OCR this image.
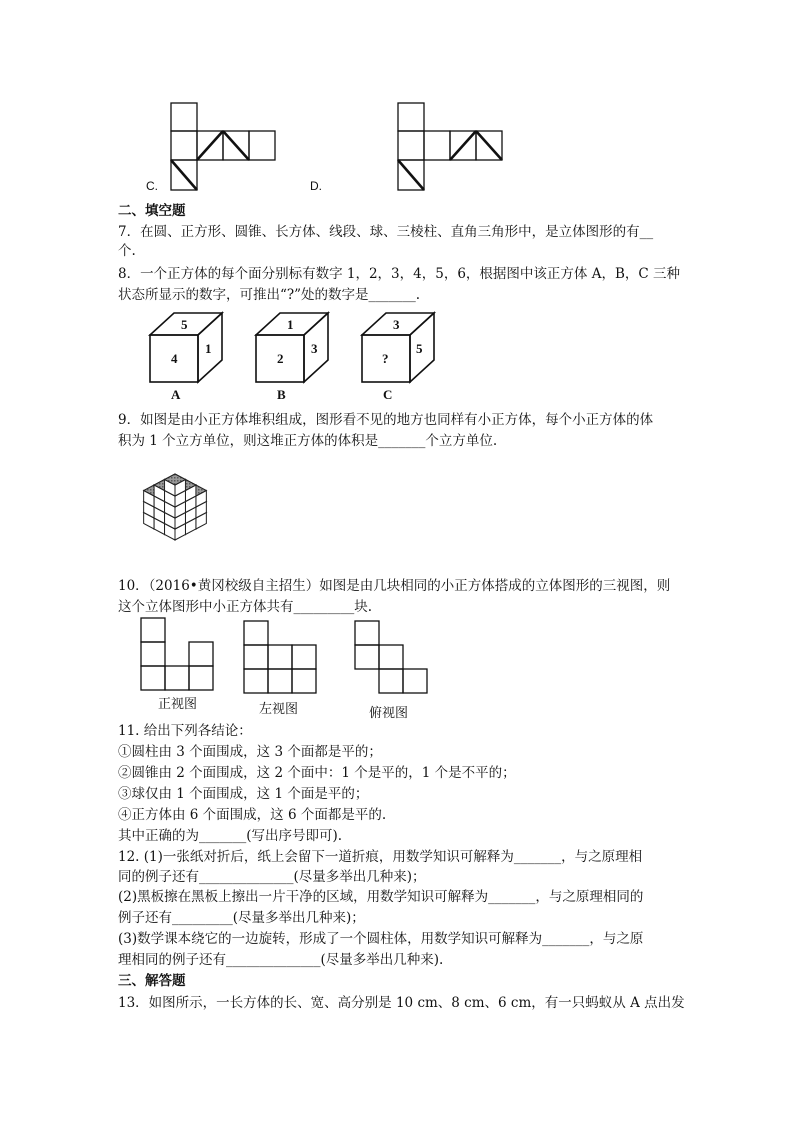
C.	D.
二、填空题
7．在圆、正方形、圆锥、长方体、线段、球、三棱柱、直角三角形中，是立体图形的有__
个.
8．一个正方体的每个面分别标有数字 1，2，3，4，5，6，根据图中该正方体 A，B，C 三种
状态所显示的数字，可推出“?”处的数字是_______.
5
4
1
A
1
2
3
B
3
?
5
C
9．如图是由小正方体堆积组成，图形看不见的地方也同样有小正方体，每个小正方体的体
积为 1 个立方单位，则这堆正方体的体积是_______个立方单位.
10．（2016•黄冈校级自主招生）如图是由几块相同的小正方体搭成的立体图形的三视图，则
这个立体图形中小正方体共有_________块.
正视图	左视图	俯视图
11. 给出下列各结论：
①圆柱由 3 个面围成，这 3 个面都是平的；
②圆锥由 2 个面围成，这 2 个面中：1 个是平的，1 个是不平的；
③球仅由 1 个面围成，这 1 个面是平的；
④正方体由 6 个面围成，这 6 个面都是平的.
其中正确的为_______(写出序号即可).
12. (1)一张纸对折后，纸上会留下一道折痕，用数学知识可解释为_______，与之原理相
同的例子还有______________(尽量多举出几种来)；
(2)黑板擦在黑板上擦出一片干净的区域，用数学知识可解释为_______，与之原理相同的
例子还有_________(尽量多举出几种来)；
(3)数学课本绕它的一边旋转，形成了一个圆柱体，用数学知识可解释为_______，与之原
理相同的例子还有______________(尽量多举出几种来).
三、解答题
13．如图所示，一长方体的长、宽、高分别是 10 cm、8 cm、6 cm，有一只蚂蚁从 A 点出发
